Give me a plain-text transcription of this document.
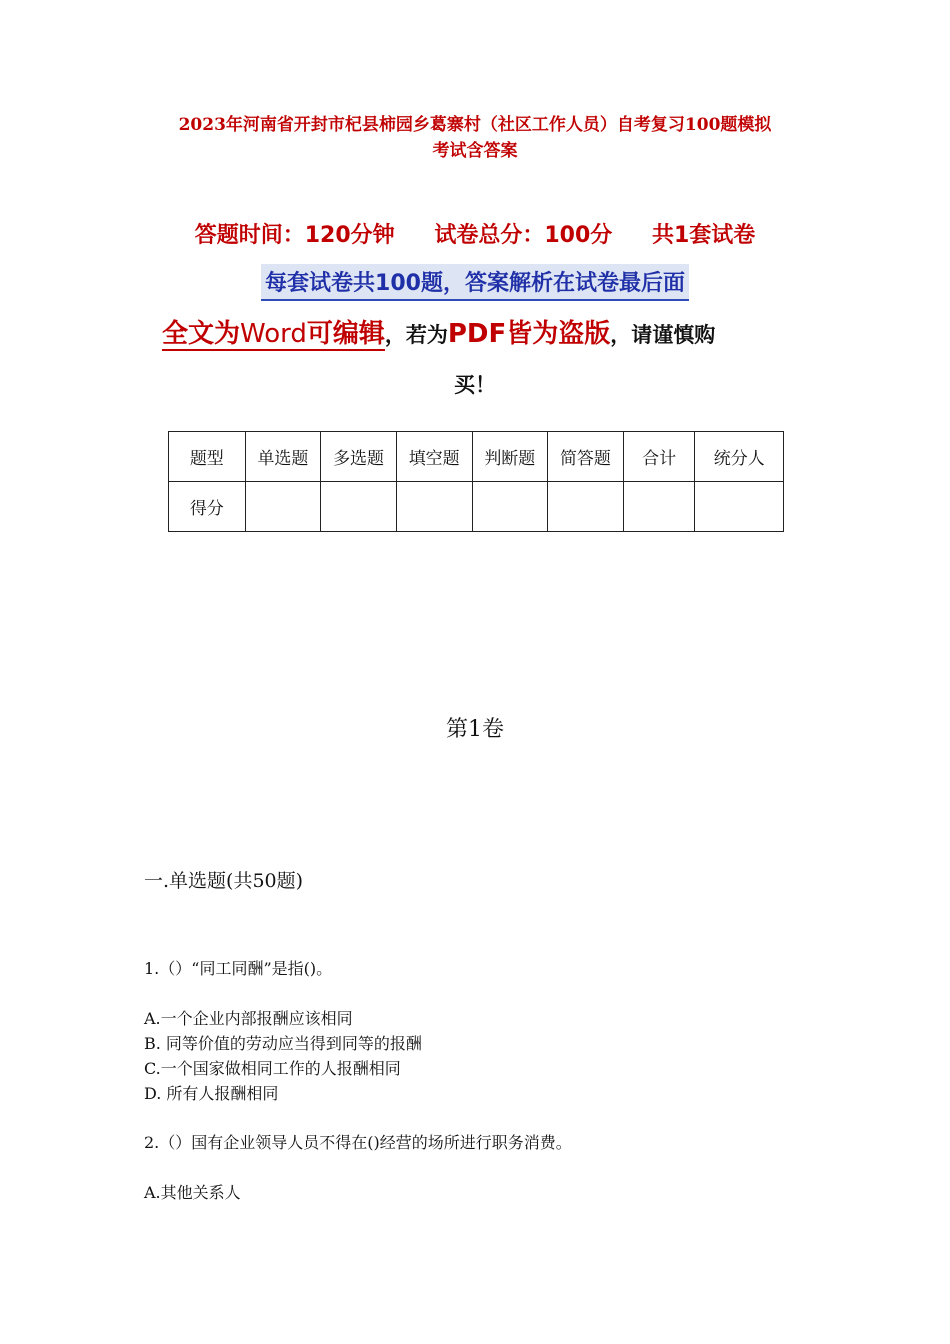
2023年河南省开封市杞县柿园乡葛寨村（社区工作人员）自考复习100题模拟
考试含答案
答题时间：120分钟 试卷总分：100分 共1套试卷
每套试卷共100题，答案解析在试卷最后面
全文为Word可编辑，若为PDF皆为盗版，请谨慎购
买！
题型	单选题	多选题	填空题	判断题	简答题	合计	统分人
得分							
第1卷
一.单选题(共50题)
1.（）“同工同酬”是指()。
A.一个企业内部报酬应该相同
B. 同等价值的劳动应当得到同等的报酬
C.一个国家做相同工作的人报酬相同
D. 所有人报酬相同
2.（）国有企业领导人员不得在()经营的场所进行职务消费。
A.其他关系人
